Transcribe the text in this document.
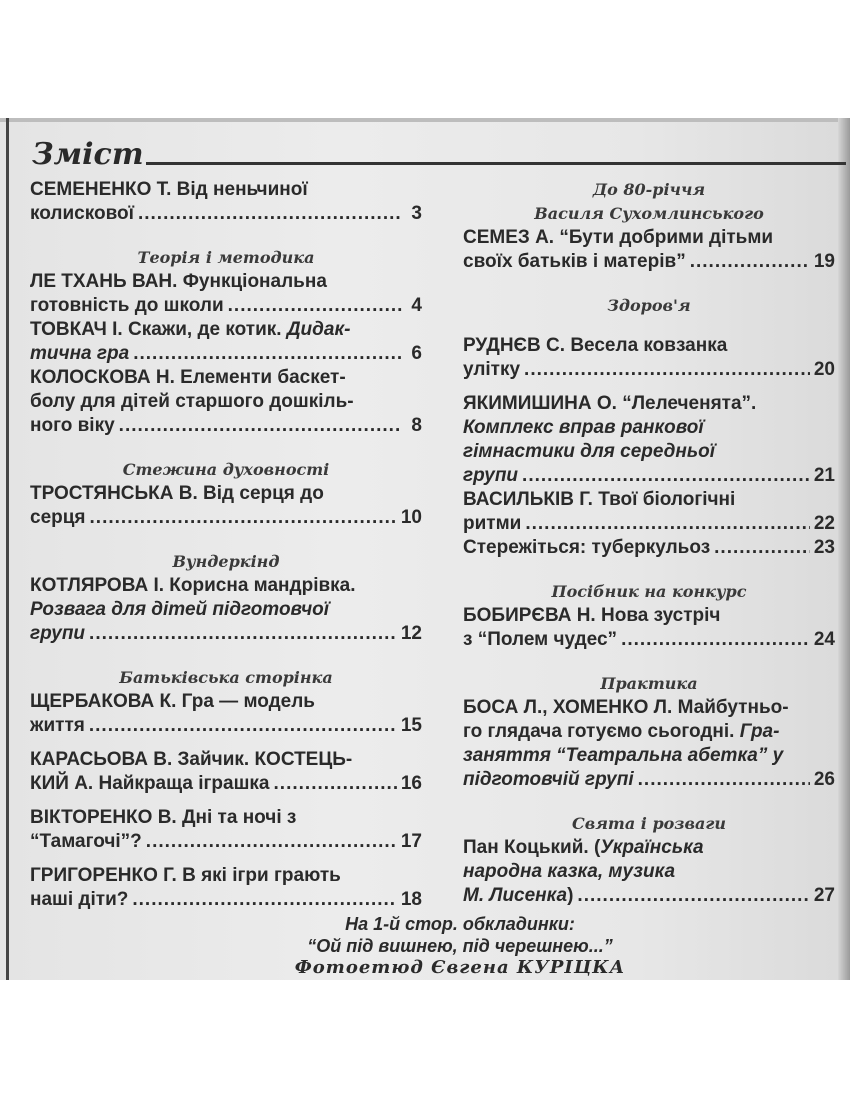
Зміст
СЕМЕНЕНКО Т. Від неньчиної
колискової .....	3
Теорія і методика
ЛЕ ТХАНЬ ВАН. Функціональна
готовність до школи .....	4
ТОВКАЧ І. Скажи, де котик. Дидак-
тична гра .....	6
КОЛОСКОВА Н. Елементи баскет-
болу для дітей старшого дошкіль-
ного віку .....	8
Стежина духовності
ТРОСТЯНСЬКА В. Від серця до
серця .....	10
Вундеркінд
КОТЛЯРОВА І. Корисна мандрівка.
Розвага для дітей підготовчої
групи .....	12
Батьківська сторінка
ЩЕРБАКОВА К. Гра — модель
життя .....	15
КАРАСЬОВА В. Зайчик. КОСТЕЦЬ-
КИЙ А. Найкраща іграшка .....	16
ВІКТОРЕНКО В. Дні та ночі з
“Тамагочі”? .....	17
ГРИГОРЕНКО Г. В які ігри грають
наші діти? .....	18
До 80-річчя
Василя Сухомлинського
СЕМЕЗ А. “Бути добрими дітьми
своїх батьків і матерів” .....	19
Здоров'я
РУДНЄВ С. Весела ковзанка
улітку .....	20
ЯКИМИШИНА О. “Лелеченята”.
Комплекс вправ ранкової
гімнастики для середньої
групи .....	21
ВАСИЛЬКІВ Г. Твої біологічні
ритми .....	22
Стережіться: туберкульоз .....	23
Посібник на конкурс
БОБИРЄВА Н. Нова зустріч
з “Полем чудес” .....	24
Практика
БОСА Л., ХОМЕНКО Л. Майбутньо-
го глядача готуємо сьогодні. Гра-
заняття “Театральна абетка” у
підготовчій групі .....	26
Свята і розваги
Пан Коцький. (Українська
народна казка, музика
М. Лисенка) .....	27
На 1-й стор. обкладинки:
“Ой під вишнею, під черешнею...”
Фотоетюд Євгена КУРІЦКА
